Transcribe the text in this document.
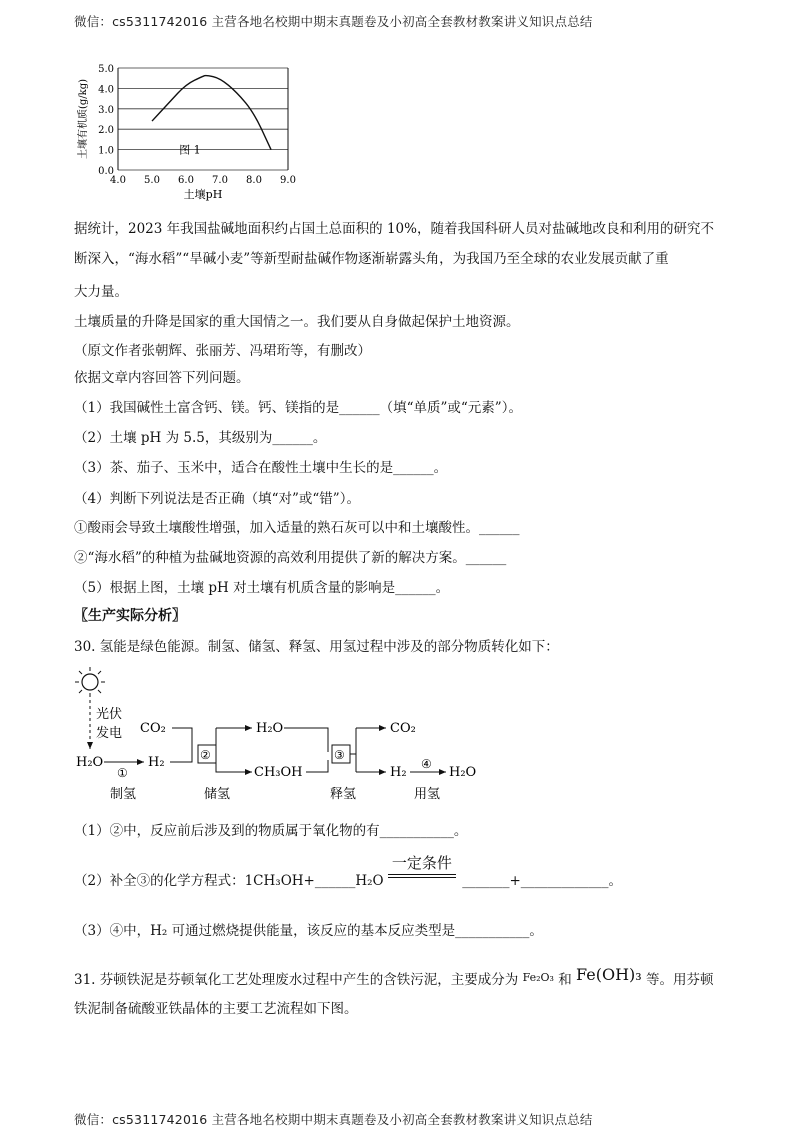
微信：cs5311742016 主营各地名校期中期末真题卷及小初高全套教材教案讲义知识点总结
0.0
1.0
2.0
3.0
4.0
5.0
4.0 5.0 6.0 7.0 8.0 9.0
图 1
土壤pH
土壤有机质(g/kg)
据统计，2023 年我国盐碱地面积约占国土总面积的 10%，随着我国科研人员对盐碱地改良和利用的研究不
断深入，“海水稻”“旱碱小麦”等新型耐盐碱作物逐渐崭露头角，为我国乃至全球的农业发展贡献了重
大力量。
土壤质量的升降是国家的重大国情之一。我们要从自身做起保护土地资源。
（原文作者张朝辉、张丽芳、冯珺珩等，有删改）
依据文章内容回答下列问题。
（1）我国碱性土富含钙、镁。钙、镁指的是______（填“单质”或“元素”）。
（2）土壤 pH 为 5.5，其级别为______。
（3）茶、茄子、玉米中，适合在酸性土壤中生长的是______。
（4）判断下列说法是否正确（填“对”或“错”）。
①酸雨会导致土壤酸性增强，加入适量的熟石灰可以中和土壤酸性。______
②“海水稻”的种植为盐碱地资源的高效利用提供了新的解决方案。______
（5）根据上图，土壤 pH 对土壤有机质含量的影响是______。
〖生产实际分析〗
30. 氢能是绿色能源。制氢、储氢、释氢、用氢过程中涉及的部分物质转化如下：
光伏
发电
H₂O
①
H₂
CO₂
②
H₂O
CH₃OH
③
CO₂
H₂
④
H₂O
制氢	储氢	释氢	用氢
（1）②中，反应前后涉及到的物质属于氧化物的有___________。
（2）补全③的化学方程式：1CH₃OH+______H₂O
一定条件
_______+_____________。
（3）④中，H₂ 可通过燃烧提供能量，该反应的基本反应类型是___________。
31. 芬顿铁泥是芬顿氧化工艺处理废水过程中产生的含铁污泥，主要成分为 $^{Fe_2O_3}$ 和 Fe(OH)₃ 等。用芬顿
铁泥制备硫酸亚铁晶体的主要工艺流程如下图。
微信：cs5311742016 主营各地名校期中期末真题卷及小初高全套教材教案讲义知识点总结
